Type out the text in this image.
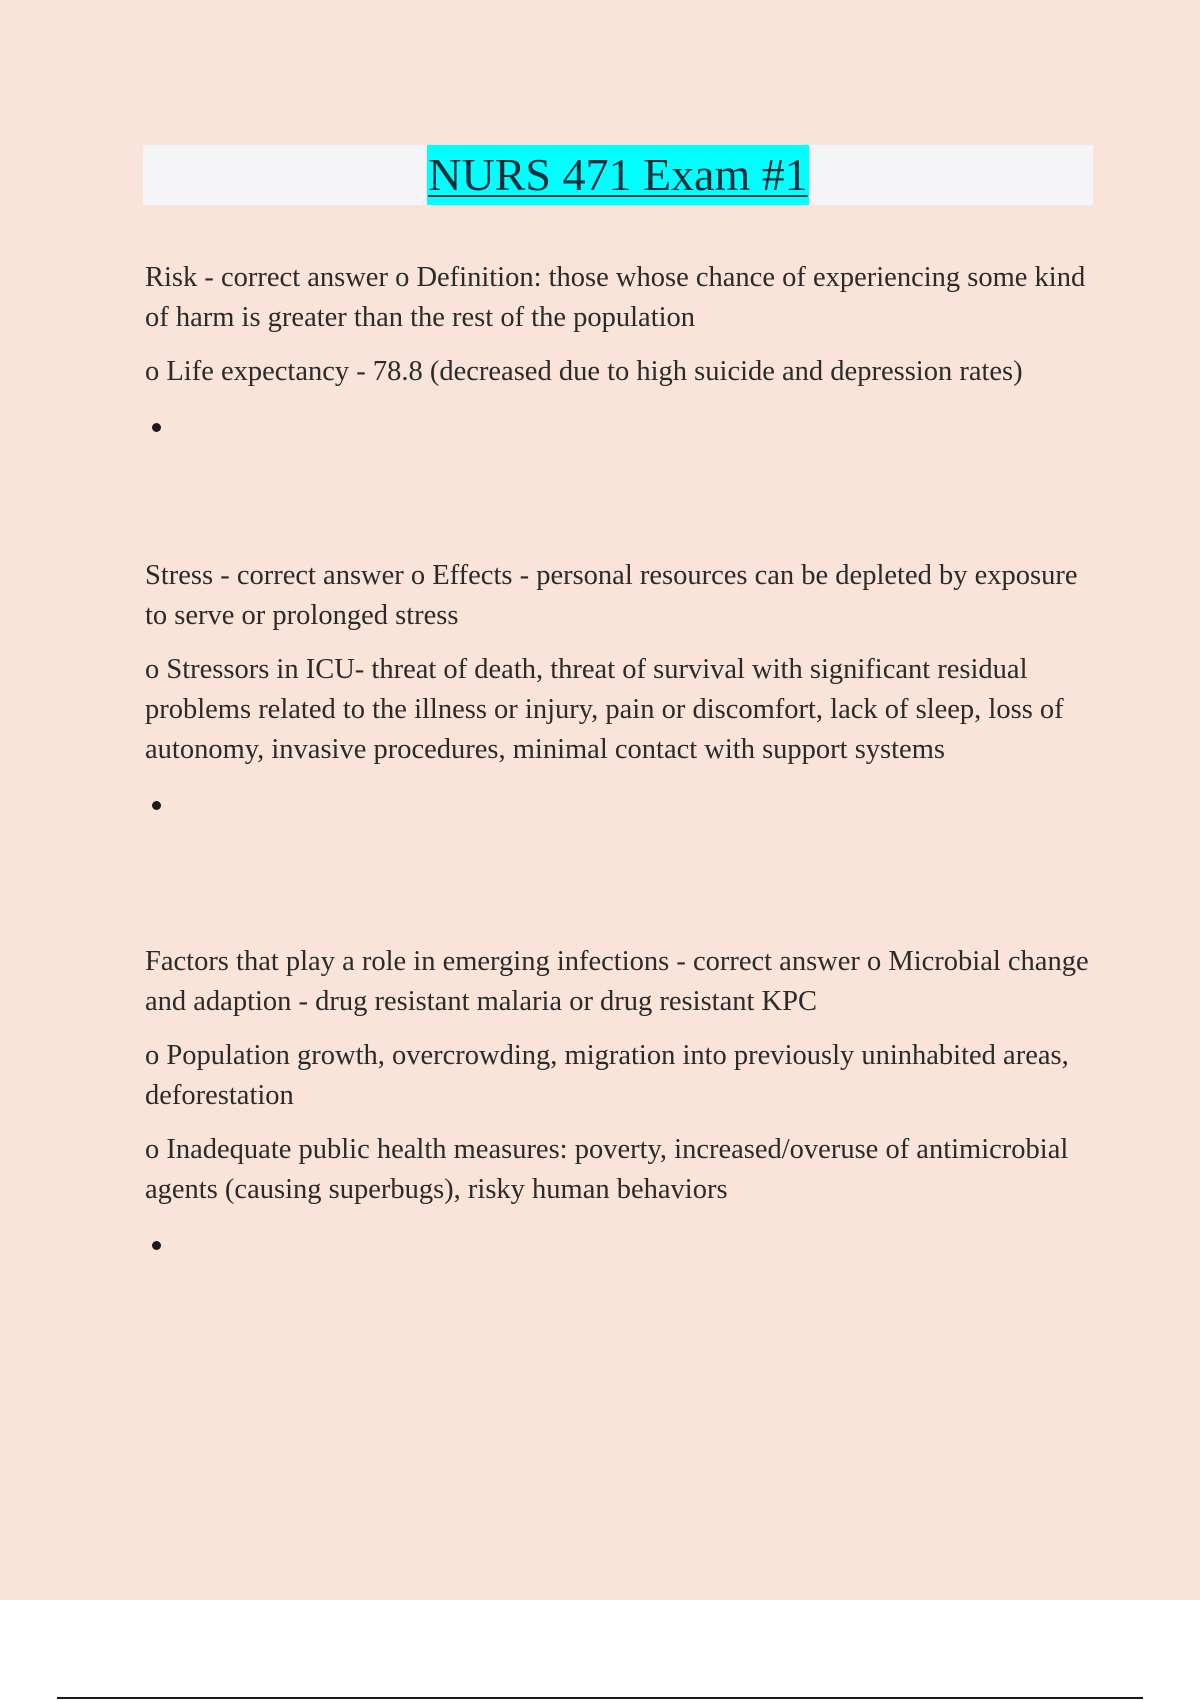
NURS 471 Exam #1

Risk - correct answer o Definition: those whose chance of experiencing some kind of harm is greater than the rest of the population

o Life expectancy - 78.8 (decreased due to high suicide and depression rates)

Stress - correct answer o Effects - personal resources can be depleted by exposure to serve or prolonged stress

o Stressors in ICU- threat of death, threat of survival with significant residual problems related to the illness or injury, pain or discomfort, lack of sleep, loss of autonomy, invasive procedures, minimal contact with support systems

Factors that play a role in emerging infections - correct answer o Microbial change and adaption - drug resistant malaria or drug resistant KPC

o Population growth, overcrowding, migration into previously uninhabited areas, deforestation

o Inadequate public health measures: poverty, increased/overuse of antimicrobial agents (causing superbugs), risky human behaviors
